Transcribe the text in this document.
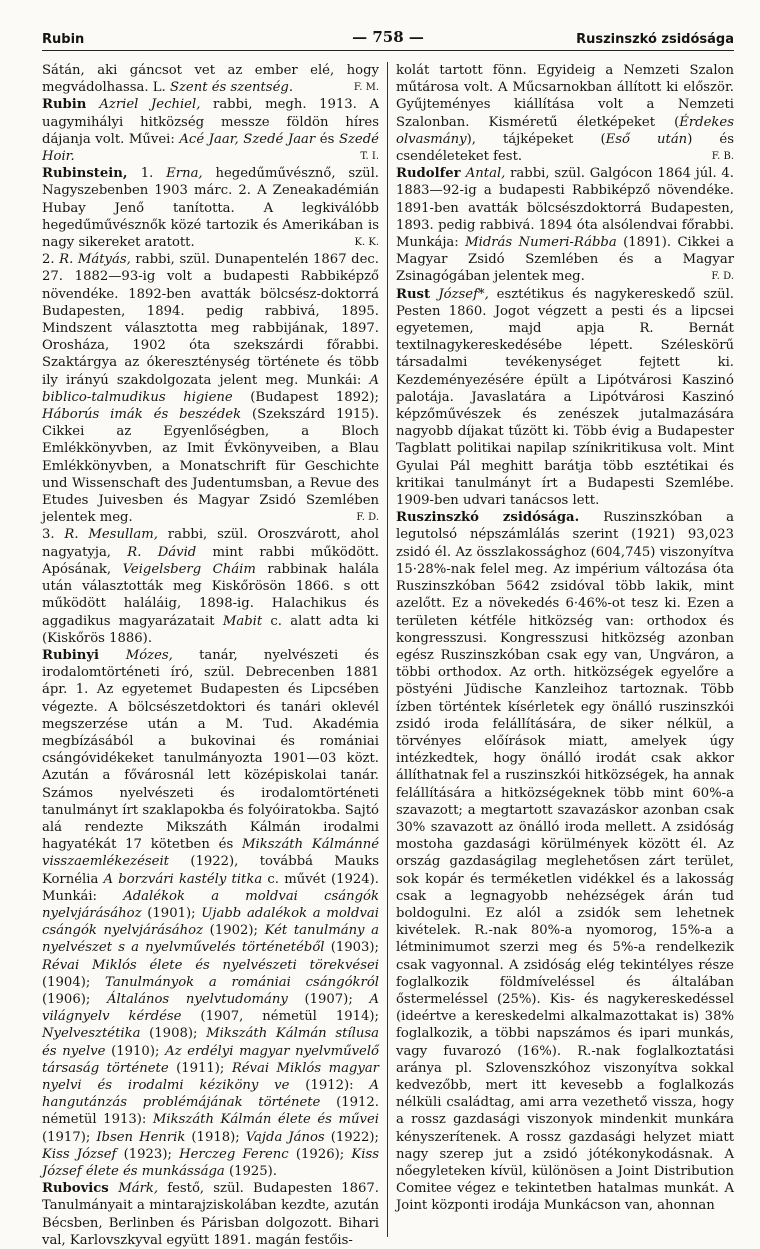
Rubin	— 758 —	Ruszinszkó zsidósága

Sátán, aki gáncsot vet az ember elé, hogy megvádolhassa. L. Szent és szentség.	F. M.

Rubin Azriel Jechiel, rabbi, megh. 1913. A uagymihályi hitközség messze földön híres dájanja volt. Művei: Acé Jaar, Szedé Jaar és Szedé Hoir.	T. I.

Rubinstein, 1. Erna, hegedűművésznő, szül. Nagyszebenben 1903 márc. 2. A Zeneakadémián Hubay Jenő tanította. A legkiválóbb hegedűművésznők közé tartozik és Amerikában is nagy sikereket aratott.	K. K.

2. R. Mátyás, rabbi, szül. Dunapentelén 1867 dec. 27. 1882—93-ig volt a budapesti Rabbiképző növendéke. 1892-ben avatták bölcsész-doktorrá Budapesten, 1894. pedig rabbivá, 1895. Mindszent választotta meg rabbijának, 1897. Orosháza, 1902 óta szekszárdi főrabbi. Szaktárgya az ókereszténység története és több ily irányú szakdolgozata jelent meg. Munkái: A biblico-talmudikus higiene (Budapest 1892); Háborús imák és beszédek (Szekszárd 1915). Cikkei az Egyenlőségben, a Bloch Emlékkönyvben, az Imit Évkönyveiben, a Blau Emlékkönyvben, a Monatschrift für Geschichte und Wissenschaft des Judentumsban, a Revue des Etudes Juivesben és Magyar Zsidó Szemlében jelentek meg.	F. D.

3. R. Mesullam, rabbi, szül. Oroszvárott, ahol nagyatyja, R. Dávid mint rabbi működött. Apósának, Veigelsberg Cháim rabbinak halála után választották meg Kiskőrösön 1866. s ott működött haláláig, 1898-ig. Halachikus és aggadikus magyarázatait Mabit c. alatt adta ki (Kiskőrös 1886).

Rubinyi Mózes, tanár, nyelvészeti és irodalomtörténeti író, szül. Debrecenben 1881 ápr. 1. Az egyetemet Budapesten és Lipcsében végezte. A bölcsészetdoktori és tanári oklevél megszerzése után a M. Tud. Akadémia megbízásából a bukovinai és romániai csángóvidékeket tanulmányozta 1901—03 közt. Azután a fővárosnál lett középiskolai tanár. Számos nyelvészeti és irodalomtörténeti tanulmányt írt szaklapokba és folyóiratokba. Sajtó alá rendezte Mikszáth Kálmán irodalmi hagyatékát 17 kötetben és Mikszáth Kálmánné visszaemlékezéseit (1922), továbbá Mauks Kornélia A borzvári kastély titka c. művét (1924). Munkái: Adalékok a moldvai csángók nyelvjárásához (1901); Ujabb adalékok a moldvai csángók nyelvjárásához (1902); Két tanulmány a nyelvészet s a nyelvművelés történetéből (1903); Révai Miklós élete és nyelvészeti törekvései (1904); Tanulmányok a romániai csángókról (1906); Általános nyelvtudomány (1907); A világnyelv kérdése (1907, németül 1914); Nyelvesztétika (1908); Mikszáth Kálmán stílusa és nyelve (1910); Az erdélyi magyar nyelvművelő társaság története (1911); Révai Miklós magyar nyelvi és irodalmi kéziköny ve (1912): A hangutánzás problémájának története (1912. németül 1913): Mikszáth Kálmán élete és művei (1917); Ibsen Henrik (1918); Vajda János (1922); Kiss József (1923); Herczeg Ferenc (1926); Kiss József élete és munkássága (1925).

Rubovics Márk, festő, szül. Budapesten 1867. Tanulmányait a mintarajziskolában kezdte, azután Bécsben, Berlinben és Párisban dolgozott. Bihari val, Karlovszkyval együtt 1891. magán festőis-

kolát tartott fönn. Egyideig a Nemzeti Szalon műtárosa volt. A Műcsarnokban állított ki először. Gyűjteményes kiállítása volt a Nemzeti Szalonban. Kisméretű életképeket (Érdekes olvasmány), tájképeket (Eső után) és csendéleteket fest.	F. B.

Rudolfer Antal, rabbi, szül. Galgócon 1864 júl. 4. 1883—92-ig a budapesti Rabbiképző növendéke. 1891-ben avatták bölcsészdoktorrá Budapesten, 1893. pedig rabbivá. 1894 óta alsólendvai főrabbi. Munkája: Midrás Numeri-Rábba (1891). Cikkei a Magyar Zsidó Szemlében és a Magyar Zsinagógában jelentek meg.	F. D.

Rust József*, esztétikus és nagykereskedő szül. Pesten 1860. Jogot végzett a pesti és a lipcsei egyetemen, majd apja R. Bernát textilnagykereskedésébe lépett. Széleskörű társadalmi tevékenységet fejtett ki. Kezdeményezésére épült a Lipótvárosi Kaszinó palotája. Javaslatára a Lipótvárosi Kaszinó képzőművészek és zenészek jutalmazására nagyobb díjakat tűzött ki. Több évig a Budapester Tagblatt politikai napilap színikritikusa volt. Mint Gyulai Pál meghitt barátja több esztétikai és kritikai tanulmányt írt a Budapesti Szemlébe. 1909-ben udvari tanácsos lett.

Ruszinszkó zsidósága. Ruszinszkóban a legutolsó népszámlálás szerint (1921) 93,023 zsidó él. Az összlakossághoz (604,745) viszonyítva 15·28%-nak felel meg. Az impérium változása óta Ruszinszkóban 5642 zsidóval több lakik, mint azelőtt. Ez a növekedés 6·46%-ot tesz ki. Ezen a területen kétféle hitközség van: orthodox és kongresszusi. Kongresszusi hitközség azonban egész Ruszinszkóban csak egy van, Ungváron, a többi orthodox. Az orth. hitközségek egyelőre a pöstyéni Jüdische Kanzleihoz tartoznak. Több ízben történtek kísérletek egy önálló ruszinszkói zsidó iroda felállítására, de siker nélkül, a törvényes előírások miatt, amelyek úgy intézkedtek, hogy önálló irodát csak akkor állíthatnak fel a ruszinszkói hitközségek, ha annak felállítására a hitközségeknek több mint 60%-a szavazott; a megtartott szavazáskor azonban csak 30% szavazott az önálló iroda mellett. A zsidóság mostoha gazdasági körülmények között él. Az ország gazdaságilag meglehetősen zárt terület, sok kopár és terméketlen vidékkel és a lakosság csak a legnagyobb nehézségek árán tud boldogulni. Ez alól a zsidók sem lehetnek kivételek. R.-nak 80%-a nyomorog, 15%-a a létminimumot szerzi meg és 5%-a rendelkezik csak vagyonnal. A zsidóság elég tekintélyes része foglalkozik földmíveléssel és általában őstermeléssel (25%). Kis- és nagykereskedéssel (ideértve a kereskedelmi alkalmazottakat is) 38% foglalkozik, a többi napszámos és ipari munkás, vagy fuvarozó (16%). R.-nak foglalkoztatási aránya pl. Szlovenszkóhoz viszonyítva sokkal kedvezőbb, mert itt kevesebb a foglalkozás nélküli családtag, ami arra vezethető vissza, hogy a rossz gazdasági viszonyok mindenkit munkára kényszerítenek. A rossz gazdasági helyzet miatt nagy szerep jut a zsidó jótékonykodásnak. A nőegyleteken kívül, különösen a Joint Distribution Comitee végez e tekintetben hatalmas munkát. A Joint központi irodája Munkácson van, ahonnan
